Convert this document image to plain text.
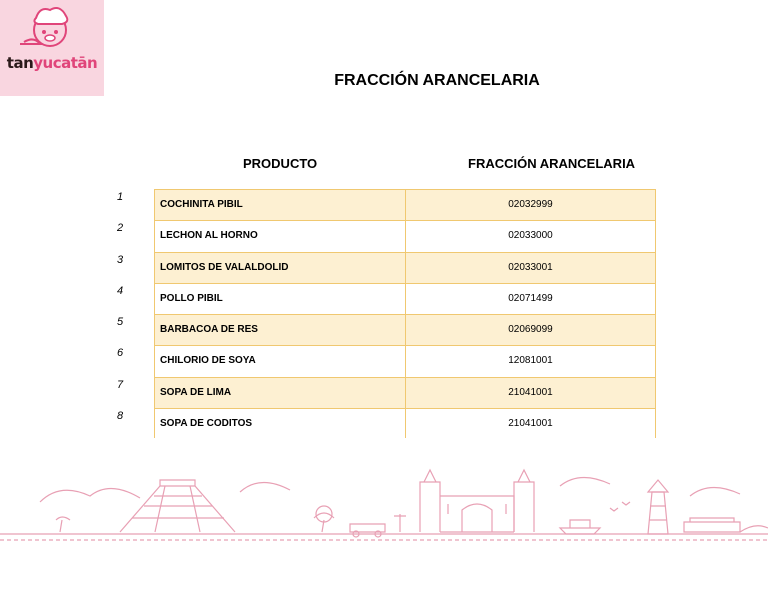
tanyucatān
FRACCIÓN ARANCELARIA
PRODUCTO	FRACCIÓN ARANCELARIA
1
COCHINITA PIBIL	02032999
2
LECHON AL HORNO	02033000
3
LOMITOS DE VALALDOLID	02033001
4
POLLO PIBIL	02071499
5
BARBACOA DE RES	02069099
6
CHILORIO DE SOYA	12081001
7
SOPA DE LIMA	21041001
8
SOPA DE CODITOS	21041001
